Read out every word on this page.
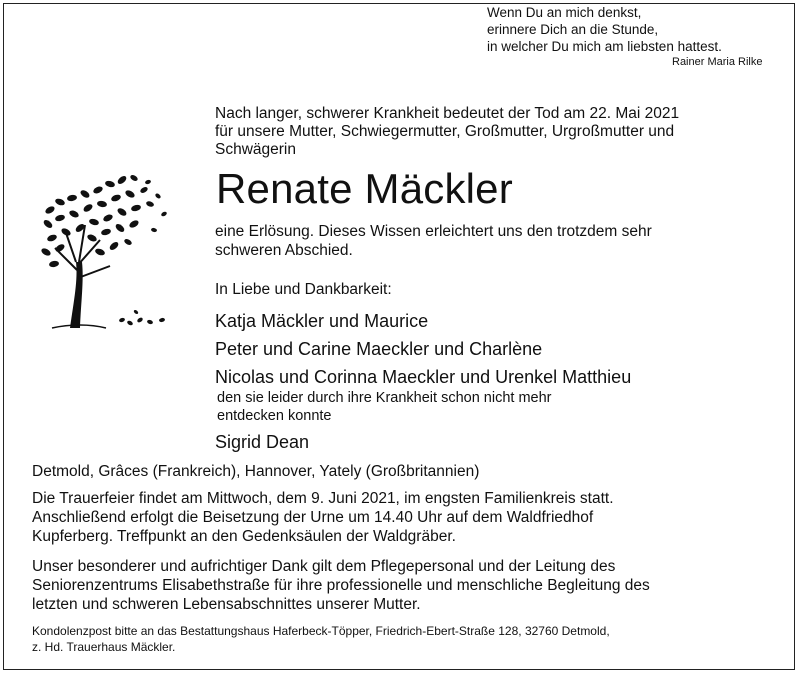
Wenn Du an mich denkst,
erinnere Dich an die Stunde,
in welcher Du mich am liebsten hattest.
Rainer Maria Rilke
Nach langer, schwerer Krankheit bedeutet der Tod am 22. Mai 2021
für unsere Mutter, Schwiegermutter, Großmutter, Urgroßmutter und
Schwägerin
Renate Mäckler
eine Erlösung. Dieses Wissen erleichtert uns den trotzdem sehr
schweren Abschied.
In Liebe und Dankbarkeit:
Katja Mäckler und Maurice
Peter und Carine Maeckler und Charlène
Nicolas und Corinna Maeckler und Urenkel Matthieu
den sie leider durch ihre Krankheit schon nicht mehr
entdecken konnte
Sigrid Dean
Detmold, Grâces (Frankreich), Hannover, Yately (Großbritannien)
Die Trauerfeier findet am Mittwoch, dem 9. Juni 2021, im engsten Familienkreis statt.
Anschließend erfolgt die Beisetzung der Urne um 14.40 Uhr auf dem Waldfriedhof
Kupferberg. Treffpunkt an den Gedenksäulen der Waldgräber.
Unser besonderer und aufrichtiger Dank gilt dem Pflegepersonal und der Leitung des
Seniorenzentrums Elisabethstraße für ihre professionelle und menschliche Begleitung des
letzten und schweren Lebensabschnittes unserer Mutter.
Kondolenzpost bitte an das Bestattungshaus Haferbeck-Töpper, Friedrich-Ebert-Straße 128, 32760 Detmold,
z. Hd. Trauerhaus Mäckler.
